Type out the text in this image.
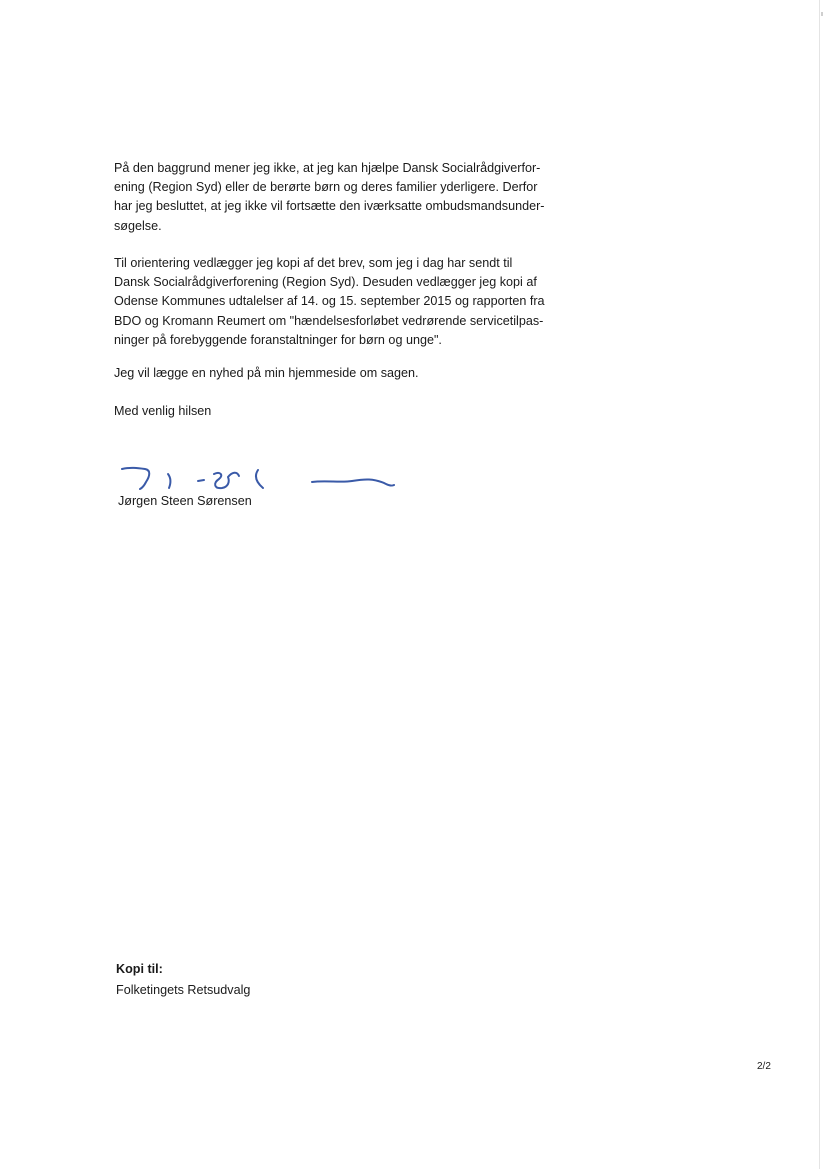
På den baggrund mener jeg ikke, at jeg kan hjælpe Dansk Socialrådgiverfor-
ening (Region Syd) eller de berørte børn og deres familier yderligere. Derfor
har jeg besluttet, at jeg ikke vil fortsætte den iværksatte ombudsmandsunder-
søgelse.

Til orientering vedlægger jeg kopi af det brev, som jeg i dag har sendt til
Dansk Socialrådgiverforening (Region Syd). Desuden vedlægger jeg kopi af
Odense Kommunes udtalelser af 14. og 15. september 2015 og rapporten fra
BDO og Kromann Reumert om "hændelsesforløbet vedrørende servicetilpas-
ninger på forebyggende foranstaltninger for børn og unge".

Jeg vil lægge en nyhed på min hjemmeside om sagen.

Med venlig hilsen

Jørgen Steen Sørensen

Kopi til:

Folketingets Retsudvalg

2/2
